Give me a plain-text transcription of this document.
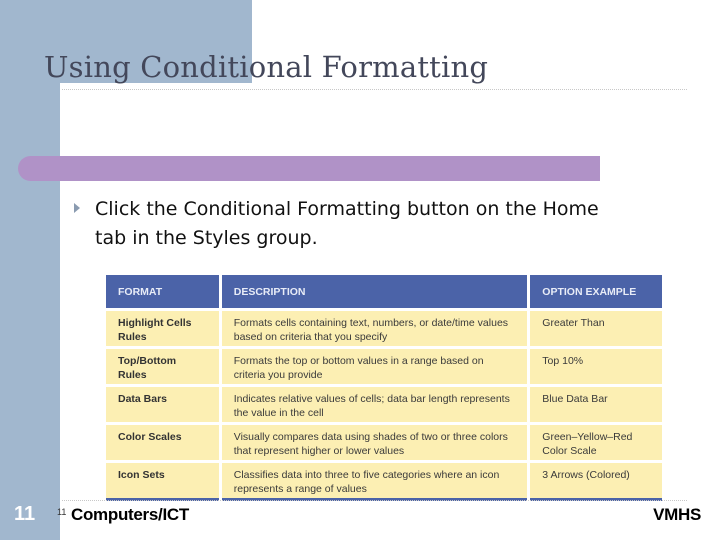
Using Conditional Formatting
Click the Conditional Formatting button on the Home tab in the Styles group.
FORMAT	DESCRIPTION	OPTION EXAMPLE
Highlight Cells Rules	Formats cells containing text, numbers, or date/time values based on criteria that you specify	Greater Than
Top/Bottom Rules	Formats the top or bottom values in a range based on criteria you provide	Top 10%
Data Bars	Indicates relative values of cells; data bar length represents the value in the cell	Blue Data Bar
Color Scales	Visually compares data using shades of two or three colors that represent higher or lower values	Green–Yellow–Red Color Scale
Icon Sets	Classifies data into three to five categories where an icon represents a range of values	3 Arrows (Colored)
11 11 Computers/ICT	VMHS
